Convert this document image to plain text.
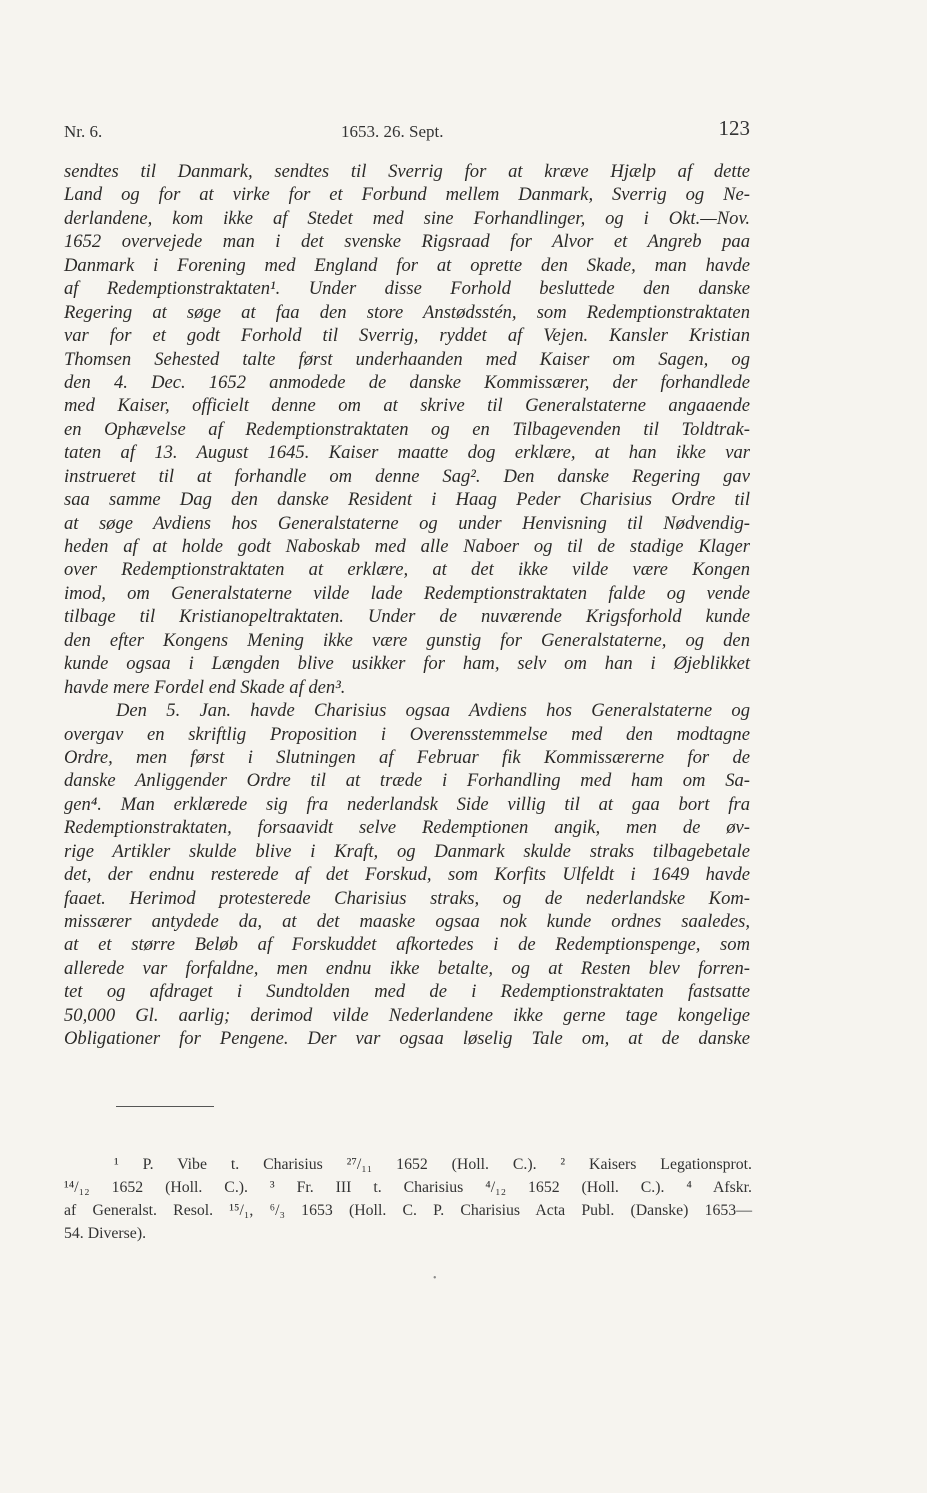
Nr. 6.	1653. 26. Sept.	123
sendtes til Danmark, sendtes til Sverrig for at kræve Hjælp af dette
Land og for at virke for et Forbund mellem Danmark, Sverrig og Ne-
derlandene, kom ikke af Stedet med sine Forhandlinger, og i Okt.—Nov.
1652 overvejede man i det svenske Rigsraad for Alvor et Angreb paa
Danmark i Forening med England for at oprette den Skade, man havde
af Redemptionstraktaten¹. Under disse Forhold besluttede den danske
Regering at søge at faa den store Anstødsstén, som Redemptionstraktaten
var for et godt Forhold til Sverrig, ryddet af Vejen. Kansler Kristian
Thomsen Sehested talte først underhaanden med Kaiser om Sagen, og
den 4. Dec. 1652 anmodede de danske Kommissærer, der forhandlede
med Kaiser, officielt denne om at skrive til Generalstaterne angaaende
en Ophævelse af Redemptionstraktaten og en Tilbagevenden til Toldtrak-
taten af 13. August 1645. Kaiser maatte dog erklære, at han ikke var
instrueret til at forhandle om denne Sag². Den danske Regering gav
saa samme Dag den danske Resident i Haag Peder Charisius Ordre til
at søge Avdiens hos Generalstaterne og under Henvisning til Nødvendig-
heden af at holde godt Naboskab med alle Naboer og til de stadige Klager
over Redemptionstraktaten at erklære, at det ikke vilde være Kongen
imod, om Generalstaterne vilde lade Redemptionstraktaten falde og vende
tilbage til Kristianopeltraktaten. Under de nuværende Krigsforhold kunde
den efter Kongens Mening ikke være gunstig for Generalstaterne, og den
kunde ogsaa i Længden blive usikker for ham, selv om han i Øjeblikket
havde mere Fordel end Skade af den³.
Den 5. Jan. havde Charisius ogsaa Avdiens hos Generalstaterne og
overgav en skriftlig Proposition i Overensstemmelse med den modtagne
Ordre, men først i Slutningen af Februar fik Kommissærerne for de
danske Anliggender Ordre til at træde i Forhandling med ham om Sa-
gen⁴. Man erklærede sig fra nederlandsk Side villig til at gaa bort fra
Redemptionstraktaten, forsaavidt selve Redemptionen angik, men de øv-
rige Artikler skulde blive i Kraft, og Danmark skulde straks tilbagebetale
det, der endnu resterede af det Forskud, som Korfits Ulfeldt i 1649 havde
faaet. Herimod protesterede Charisius straks, og de nederlandske Kom-
missærer antydede da, at det maaske ogsaa nok kunde ordnes saaledes,
at et større Beløb af Forskuddet afkortedes i de Redemptionspenge, som
allerede var forfaldne, men endnu ikke betalte, og at Resten blev forren-
tet og afdraget i Sundtolden med de i Redemptionstraktaten fastsatte
50,000 Gl. aarlig; derimod vilde Nederlandene ikke gerne tage kongelige
Obligationer for Pengene. Der var ogsaa løselig Tale om, at de danske
¹ P. Vibe t. Charisius ²⁷/₁₁ 1652 (Holl. C.). ² Kaisers Legationsprot.
¹⁴/₁₂ 1652 (Holl. C.). ³ Fr. III t. Charisius ⁴/₁₂ 1652 (Holl. C.). ⁴ Afskr.
af Generalst. Resol. ¹⁵/₁, ⁶/₃ 1653 (Holl. C. P. Charisius Acta Publ. (Danske) 1653—
54. Diverse).
•
